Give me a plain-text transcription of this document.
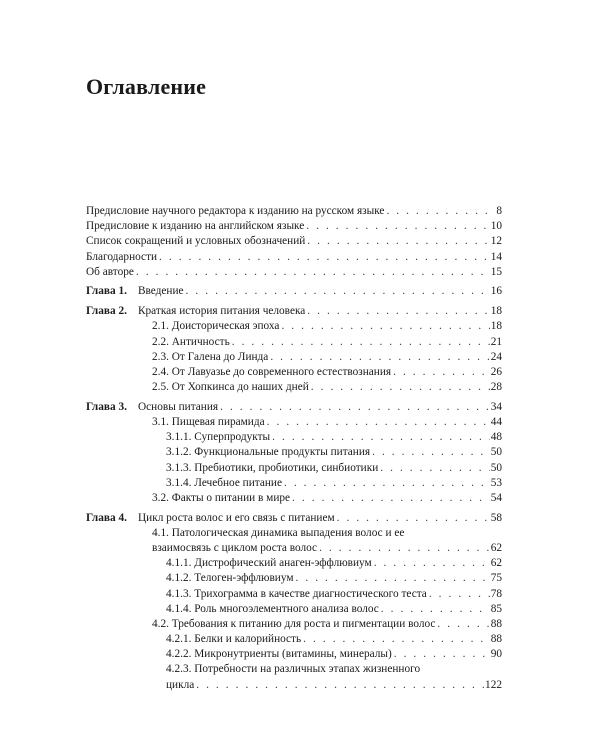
Оглавление
Предисловие научного редактора к изданию на русском языке . . .	8
Предисловие к изданию на английском языке . . .	10
Список сокращений и условных обозначений . . .	12
Благодарности . . .	14
Об авторе . . .	15
Глава 1. Введение . . .	16
Глава 2. Краткая история питания человека . . .	18
2.1. Доисторическая эпоха . . .	18
2.2. Античность . . .	21
2.3. От Галена до Линда . . .	24
2.4. От Лавуазье до современного естествознания . . .	26
2.5. От Хопкинса до наших дней . . .	28
Глава 3. Основы питания . . .	34
3.1. Пищевая пирамида . . .	44
3.1.1. Суперпродукты . . .	48
3.1.2. Функциональные продукты питания . . .	50
3.1.3. Пребиотики, пробиотики, синбиотики . . .	50
3.1.4. Лечебное питание . . .	53
3.2. Факты о питании в мире . . .	54
Глава 4. Цикл роста волос и его связь с питанием . . .	58
4.1. Патологическая динамика выпадения волос и ее
взаимосвязь с циклом роста волос . . .	62
4.1.1. Дистрофический анаген-эффлювиум . . .	62
4.1.2. Телоген-эффлювиум . . .	75
4.1.3. Трихограмма в качестве диагностического теста . . .	78
4.1.4. Роль многоэлементного анализа волос . . .	85
4.2. Требования к питанию для роста и пигментации волос . . .	88
4.2.1. Белки и калорийность . . .	88
4.2.2. Микронутриенты (витамины, минералы) . . .	90
4.2.3. Потребности на различных этапах жизненного
цикла . . .	122
